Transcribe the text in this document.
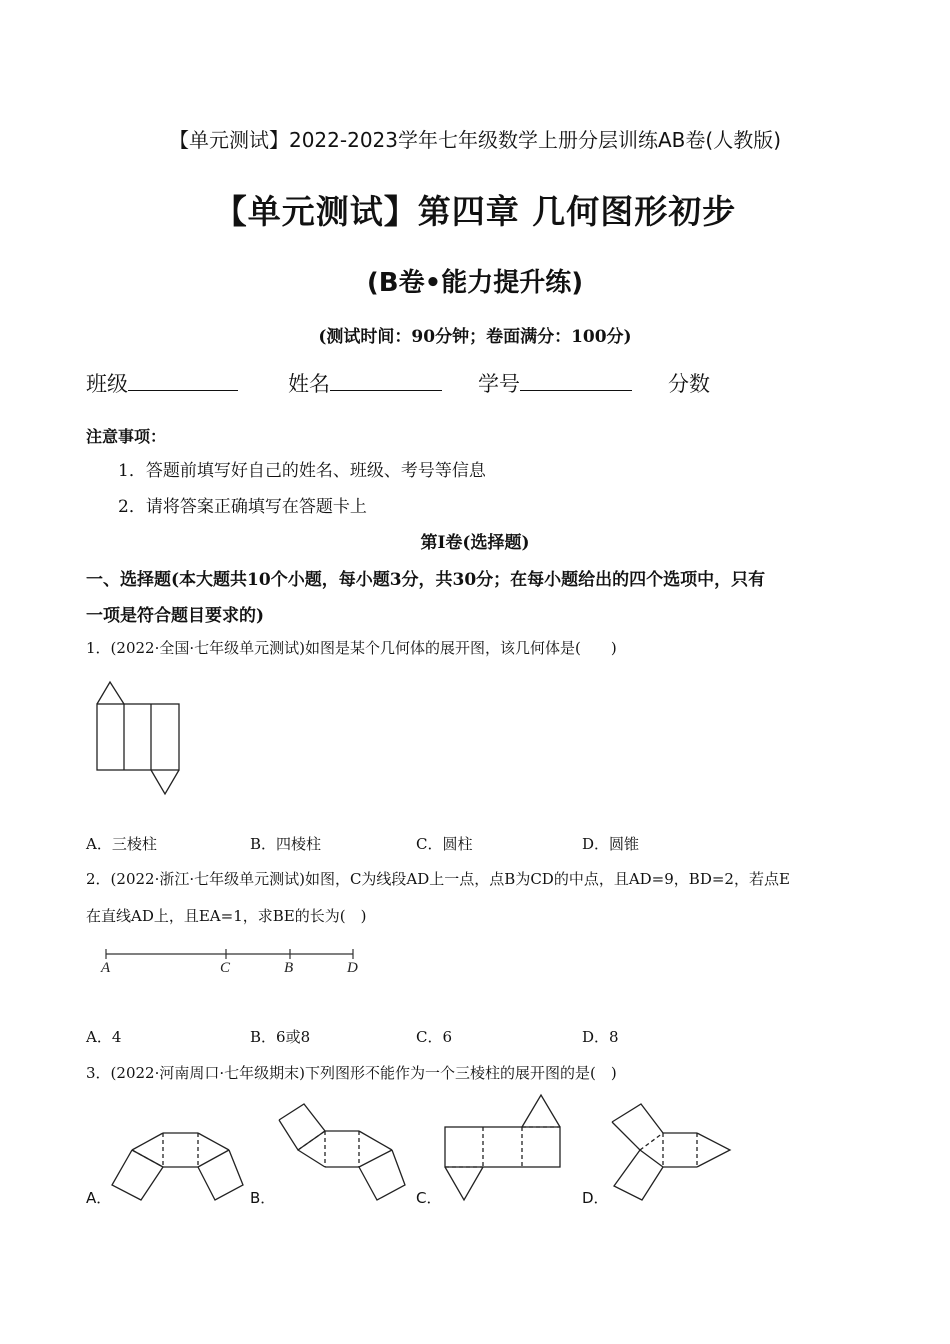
【单元测试】2022-2023学年七年级数学上册分层训练AB卷(人教版)
【单元测试】第四章 几何图形初步
(B卷•能力提升练)
(测试时间：90分钟；卷面满分：100分)
班级	姓名	学号	分数
注意事项：
1．答题前填写好自己的姓名、班级、考号等信息
2．请将答案正确填写在答题卡上
第Ⅰ卷(选择题)
一、选择题(本大题共10个小题，每小题3分，共30分；在每小题给出的四个选项中，只有
一项是符合题目要求的)
1．(2022·全国·七年级单元测试)如图是某个几何体的展开图，该几何体是(　　)
A．三棱柱	B．四棱柱	C．圆柱	D．圆锥
2．(2022·浙江·七年级单元测试)如图，C为线段AD上一点，点B为CD的中点，且AD=9，BD=2，若点E
在直线AD上，且EA=1，求BE的长为(　)
A	C	B	D
A．4	B．6或8	C．6	D．8
3．(2022·河南周口·七年级期末)下列图形不能作为一个三棱柱的展开图的是(　)
A．	B．	C．	D．
